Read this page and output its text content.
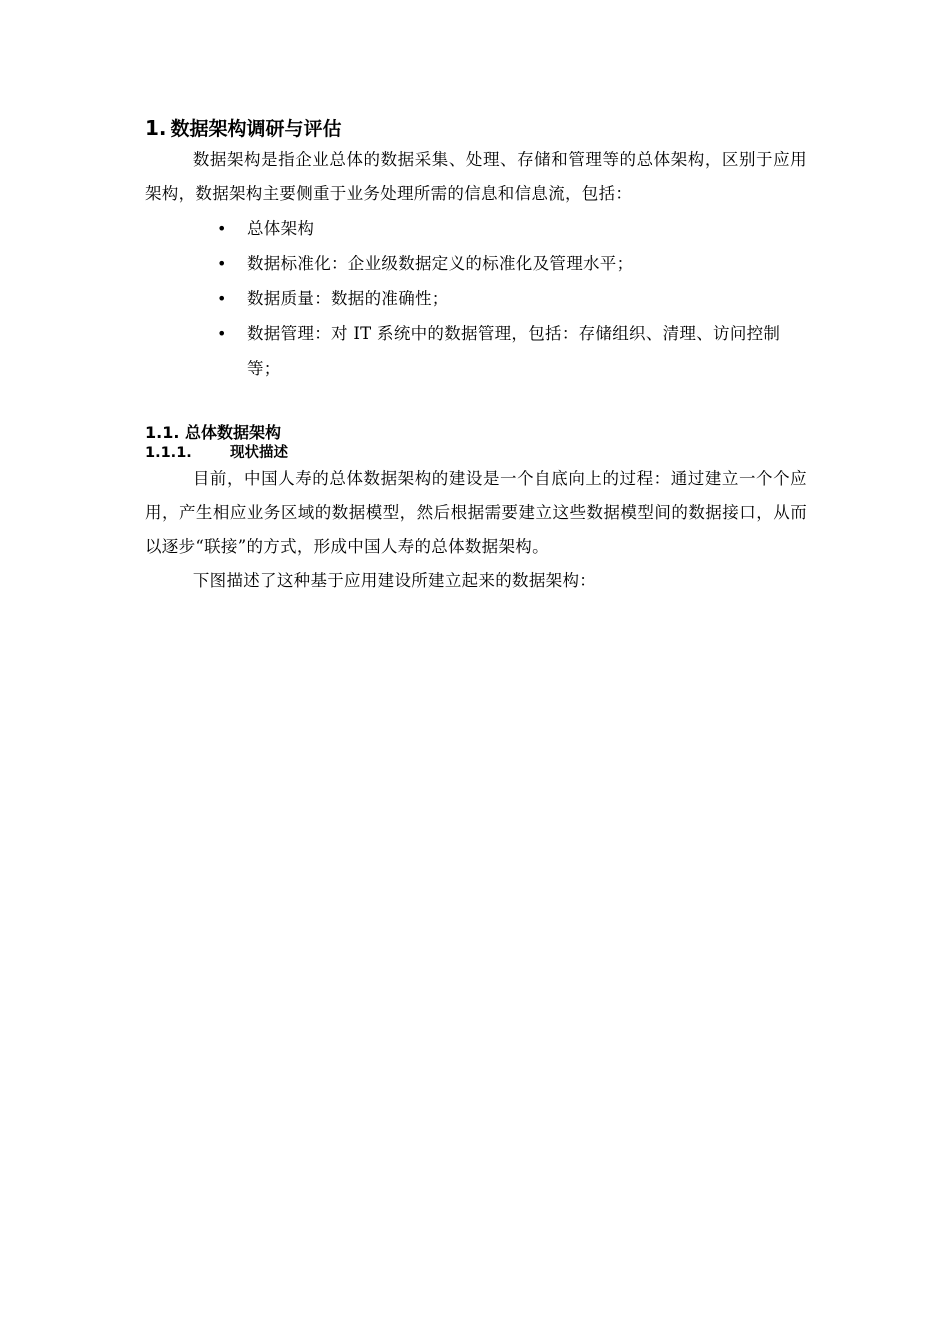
1. 数据架构调研与评估

数据架构是指企业总体的数据采集、处理、存储和管理等的总体架构，区别于应用架构，数据架构主要侧重于业务处理所需的信息和信息流，包括：

• 总体架构
• 数据标准化：企业级数据定义的标准化及管理水平；
• 数据质量：数据的准确性；
• 数据管理：对 IT 系统中的数据管理，包括：存储组织、清理、访问控制等；
1.1. 总体数据架构
1.1.1.	现状描述

目前，中国人寿的总体数据架构的建设是一个自底向上的过程：通过建立一个个应用，产生相应业务区域的数据模型，然后根据需要建立这些数据模型间的数据接口，从而以逐步“联接”的方式，形成中国人寿的总体数据架构。

下图描述了这种基于应用建设所建立起来的数据架构：
